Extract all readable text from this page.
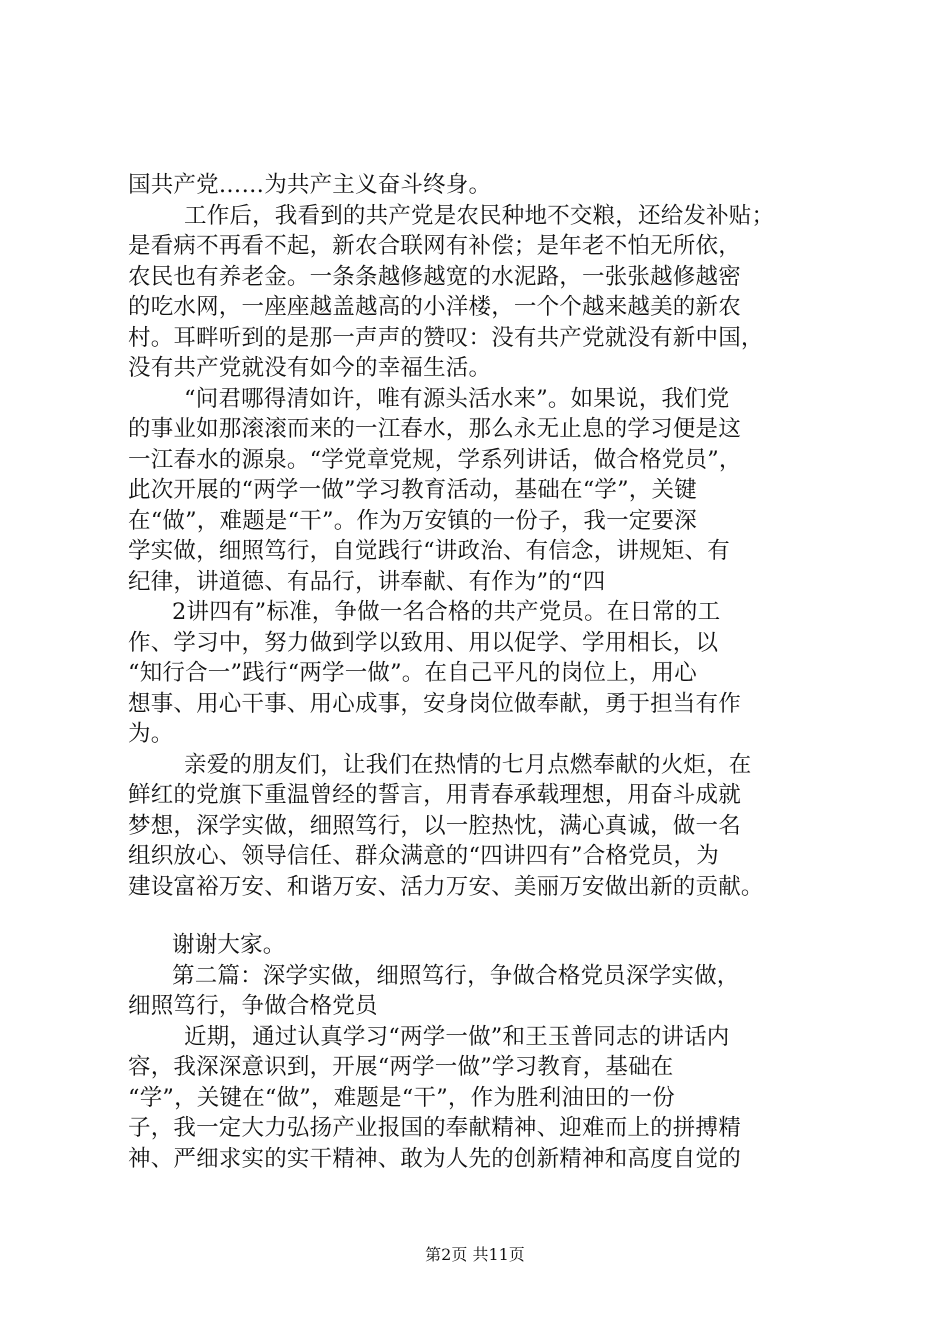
国共产党……为共产主义奋斗终身。
工作后，我看到的共产党是农民种地不交粮，还给发补贴；
是看病不再看不起，新农合联网有补偿；是年老不怕无所依，
农民也有养老金。一条条越修越宽的水泥路，一张张越修越密
的吃水网，一座座越盖越高的小洋楼，一个个越来越美的新农
村。耳畔听到的是那一声声的赞叹：没有共产党就没有新中国，
没有共产党就没有如今的幸福生活。
“问君哪得清如许，唯有源头活水来”。如果说，我们党
的事业如那滚滚而来的一江春水，那么永无止息的学习便是这
一江春水的源泉。“学党章党规，学系列讲话，做合格党员”，
此次开展的“两学一做”学习教育活动，基础在“学”，关键
在“做”，难题是“干”。作为万安镇的一份子，我一定要深
学实做，细照笃行，自觉践行“讲政治、有信念，讲规矩、有
纪律，讲道德、有品行，讲奉献、有作为”的“四
2讲四有”标准，争做一名合格的共产党员。在日常的工
作、学习中，努力做到学以致用、用以促学、学用相长，以
“知行合一”践行“两学一做”。在自己平凡的岗位上，用心
想事、用心干事、用心成事，安身岗位做奉献，勇于担当有作
为。
亲爱的朋友们，让我们在热情的七月点燃奉献的火炬，在
鲜红的党旗下重温曾经的誓言，用青春承载理想，用奋斗成就
梦想，深学实做，细照笃行，以一腔热忱，满心真诚，做一名
组织放心、领导信任、群众满意的“四讲四有”合格党员，为
建设富裕万安、和谐万安、活力万安、美丽万安做出新的贡献。
谢谢大家。
第二篇：深学实做，细照笃行，争做合格党员深学实做，
细照笃行，争做合格党员
近期，通过认真学习“两学一做”和王玉普同志的讲话内
容，我深深意识到，开展“两学一做”学习教育，基础在
“学”，关键在“做”，难题是“干”，作为胜利油田的一份
子，我一定大力弘扬产业报国的奉献精神、迎难而上的拼搏精
神、严细求实的实干精神、敢为人先的创新精神和高度自觉的
第2页 共11页
